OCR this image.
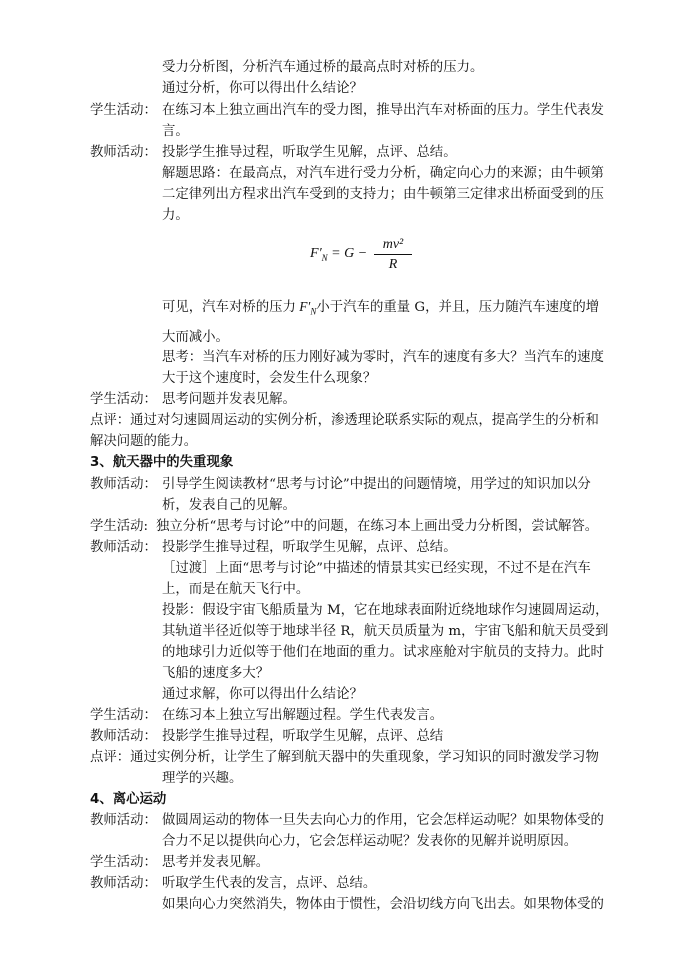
受力分析图，分析汽车通过桥的最高点时对桥的压力。
通过分析，你可以得出什么结论？
学生活动： 在练习本上独立画出汽车的受力图，推导出汽车对桥面的压力。学生代表发
言。
教师活动： 投影学生推导过程，听取学生见解，点评、总结。
解题思路：在最高点，对汽车进行受力分析，确定向心力的来源；由牛顿第
二定律列出方程求出汽车受到的支持力；由牛顿第三定律求出桥面受到的压
力。
$F'_N = G$ −
mv²
R
可见，汽车对桥的压力 $F'_N$小于汽车的重量 G，并且，压力随汽车速度的增
大而减小。
思考：当汽车对桥的压力刚好减为零时，汽车的速度有多大？当汽车的速度
大于这个速度时，会发生什么现象？
学生活动： 思考问题并发表见解。
点评：通过对匀速圆周运动的实例分析，渗透理论联系实际的观点，提高学生的分析和
解决问题的能力。
3、航天器中的失重现象
教师活动： 引导学生阅读教材“思考与讨论”中提出的问题情境，用学过的知识加以分
析，发表自己的见解。
学生活动: 独立分析“思考与讨论”中的问题，在练习本上画出受力分析图，尝试解答。
教师活动： 投影学生推导过程，听取学生见解，点评、总结。
［过渡］上面“思考与讨论”中描述的情景其实已经实现，不过不是在汽车
上，而是在航天飞行中。
投影：假设宇宙飞船质量为 M，它在地球表面附近绕地球作匀速圆周运动，
其轨道半径近似等于地球半径 R，航天员质量为 m，宇宙飞船和航天员受到
的地球引力近似等于他们在地面的重力。试求座舱对宇航员的支持力。此时
飞船的速度多大？
通过求解，你可以得出什么结论？
学生活动： 在练习本上独立写出解题过程。学生代表发言。
教师活动： 投影学生推导过程，听取学生见解，点评、总结
点评：通过实例分析，让学生了解到航天器中的失重现象，学习知识的同时激发学习物
理学的兴趣。
4、离心运动
教师活动： 做圆周运动的物体一旦失去向心力的作用，它会怎样运动呢？如果物体受的
合力不足以提供向心力，它会怎样运动呢？发表你的见解并说明原因。
学生活动： 思考并发表见解。
教师活动： 听取学生代表的发言，点评、总结。
如果向心力突然消失，物体由于惯性，会沿切线方向飞出去。如果物体受的
